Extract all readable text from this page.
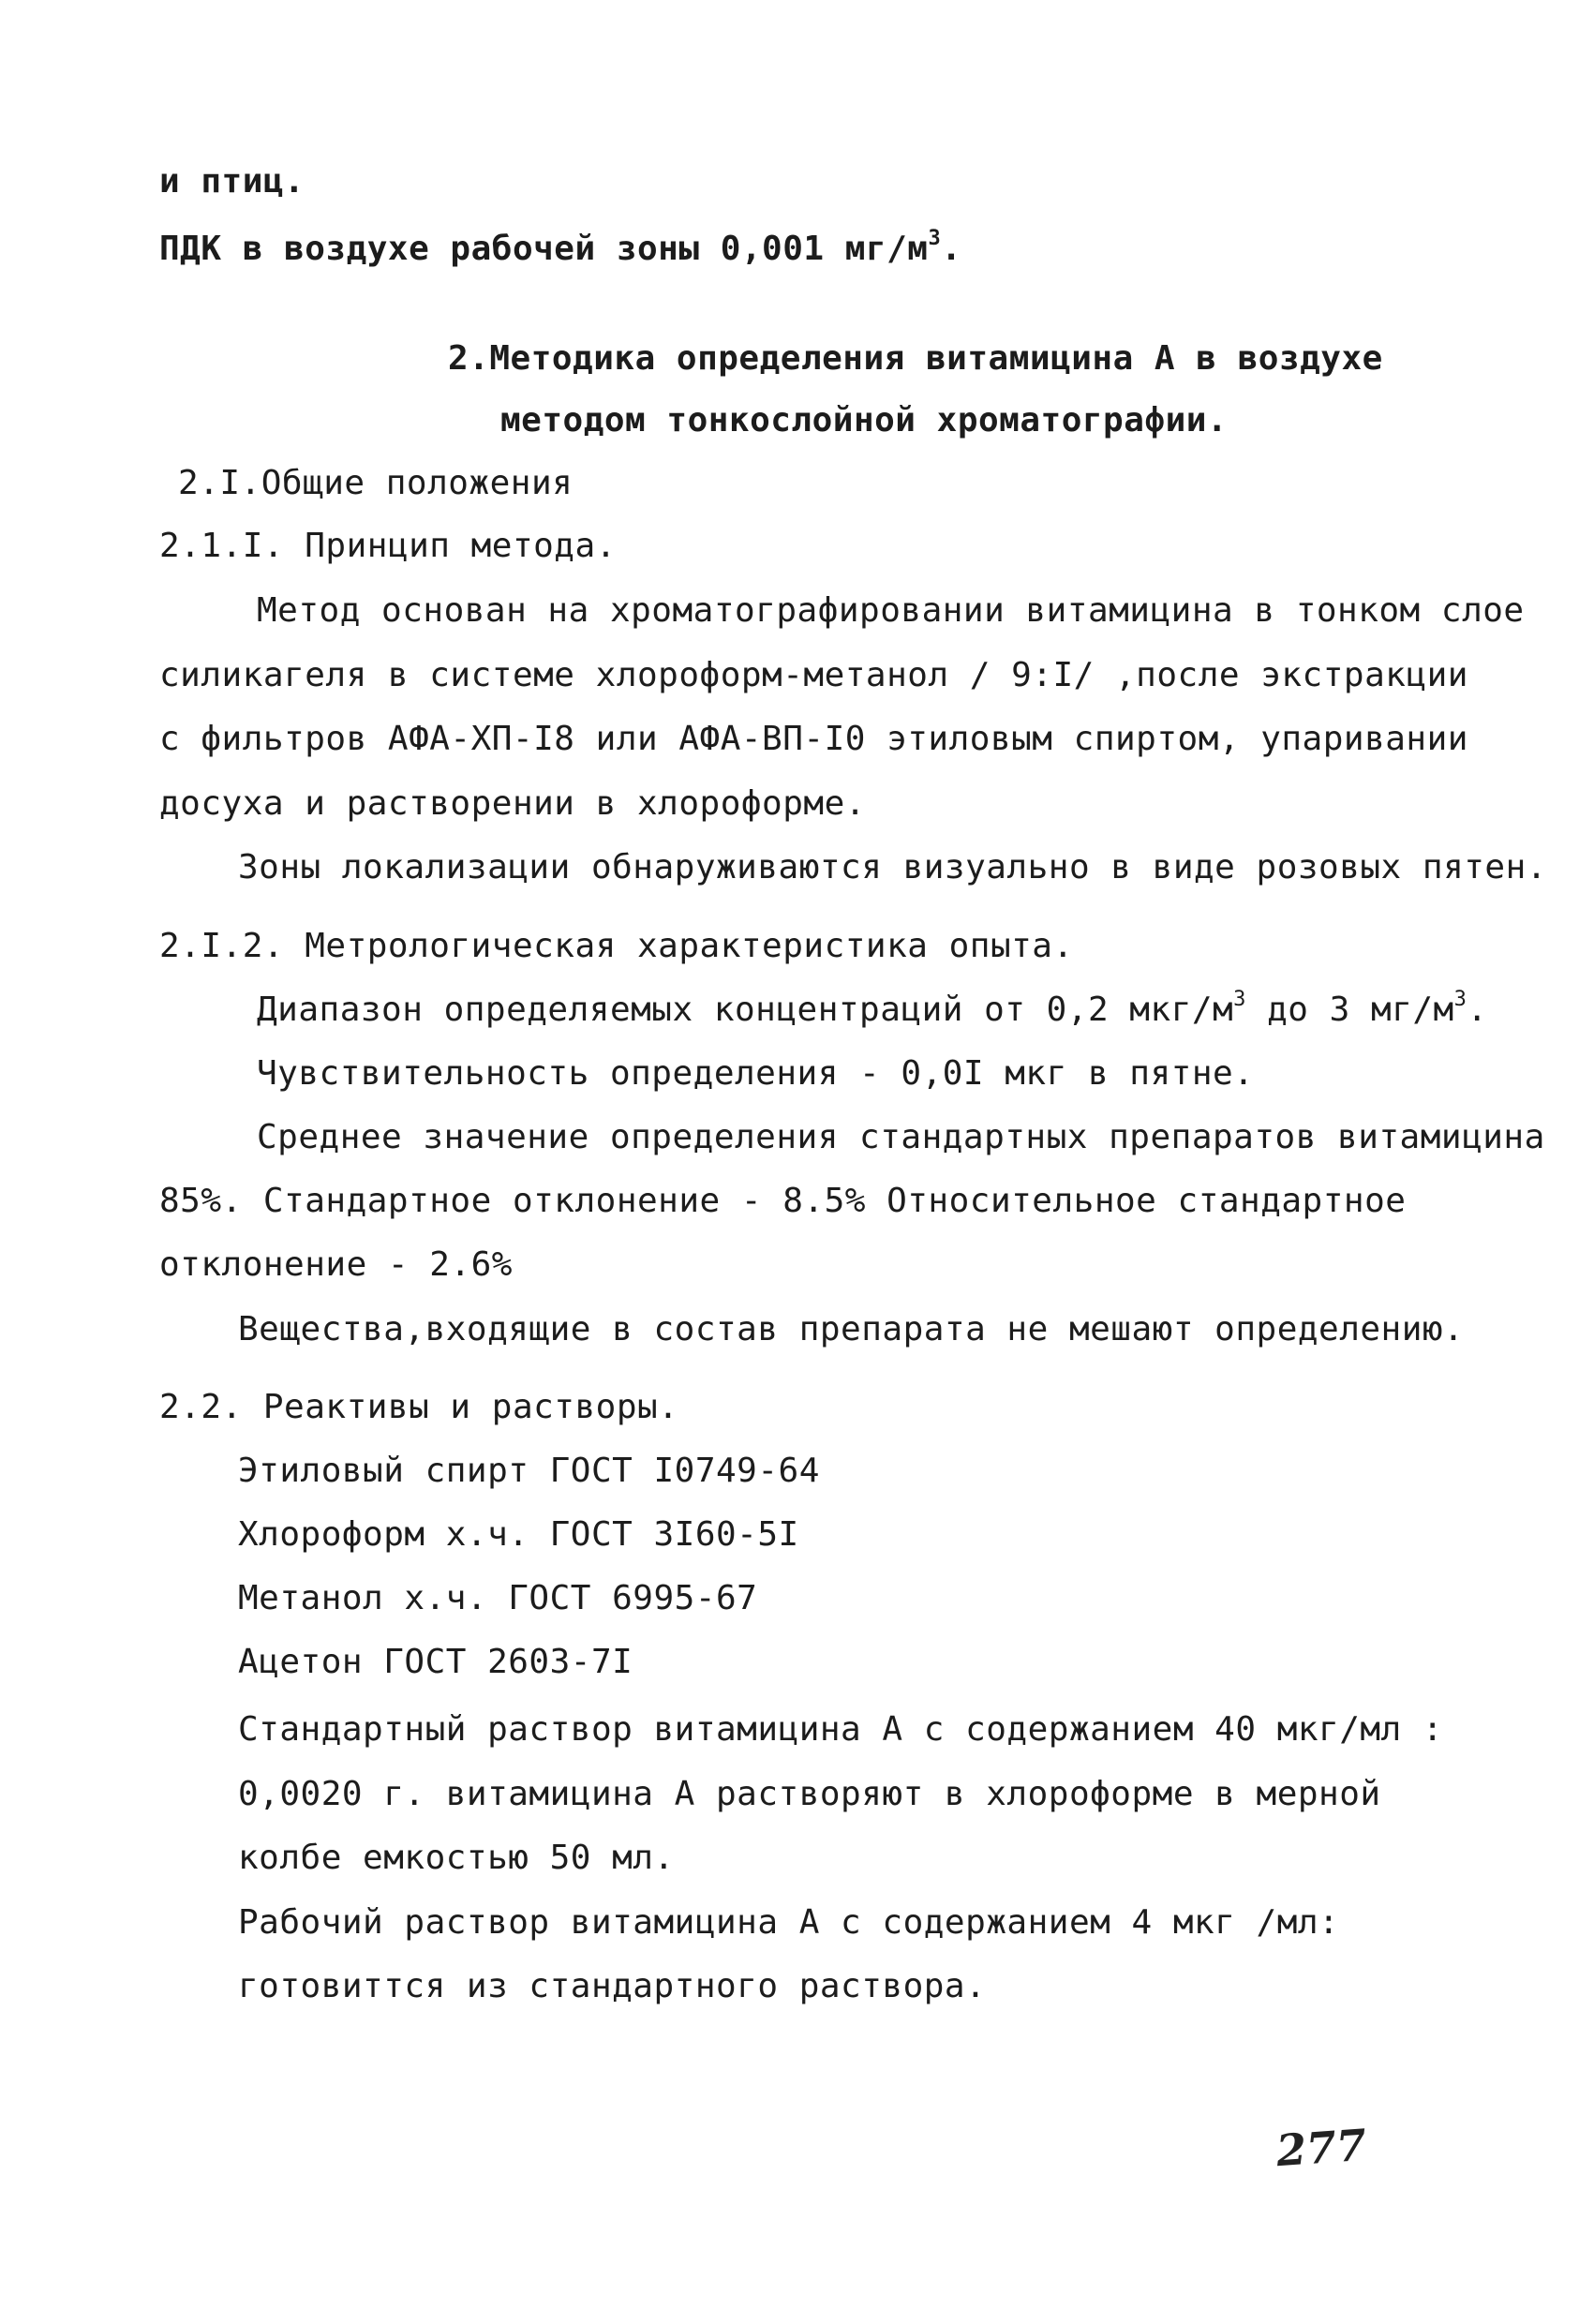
и птиц.
ПДК в воздухе рабочей зоны 0,001 $мг/м^3$.
2.Методика определения витамицина А в воздухе
методом тонкослойной хроматографии.
2.I.Общие положения
2.1.I. Принцип метода.
Метод основан на хроматографировании витамицина в тонком слое
силикагеля в системе хлороформ-метанол / 9:I/ ,после экстракции
с фильтров АФА-ХП-I8 или АФА-ВП-I0 этиловым спиртом, упаривании
досуха и растворении в хлороформе.
Зоны локализации обнаруживаются визуально в виде розовых пятен.
2.I.2. Метрологическая характеристика опыта.
Диапазон определяемых концентраций от 0,2 мкг/$м^3$ до 3 $мг/м^3$.
Чувствительность определения - 0,0I мкг в пятне.
Среднее значение определения стандартных препаратов витамицина
85%. Стандартное отклонение - 8.5% Относительное стандартное
отклонение - 2.6%
Вещества,входящие в состав препарата не мешают определению.
2.2. Реактивы и растворы.
Этиловый спирт ГОСТ I0749-64
Хлороформ х.ч. ГОСТ 3I60-5I
Метанол х.ч. ГОСТ 6995-67
Ацетон ГОСТ 2603-7I
Стандартный раствор витамицина А с содержанием 40 мкг/мл :
0,0020 г. витамицина А растворяют в хлороформе в мерной
колбе емкостью 50 мл.
Рабочий раствор витамицина А с содержанием 4 мкг /мл:
готовиттся из стандартного раствора.
277
